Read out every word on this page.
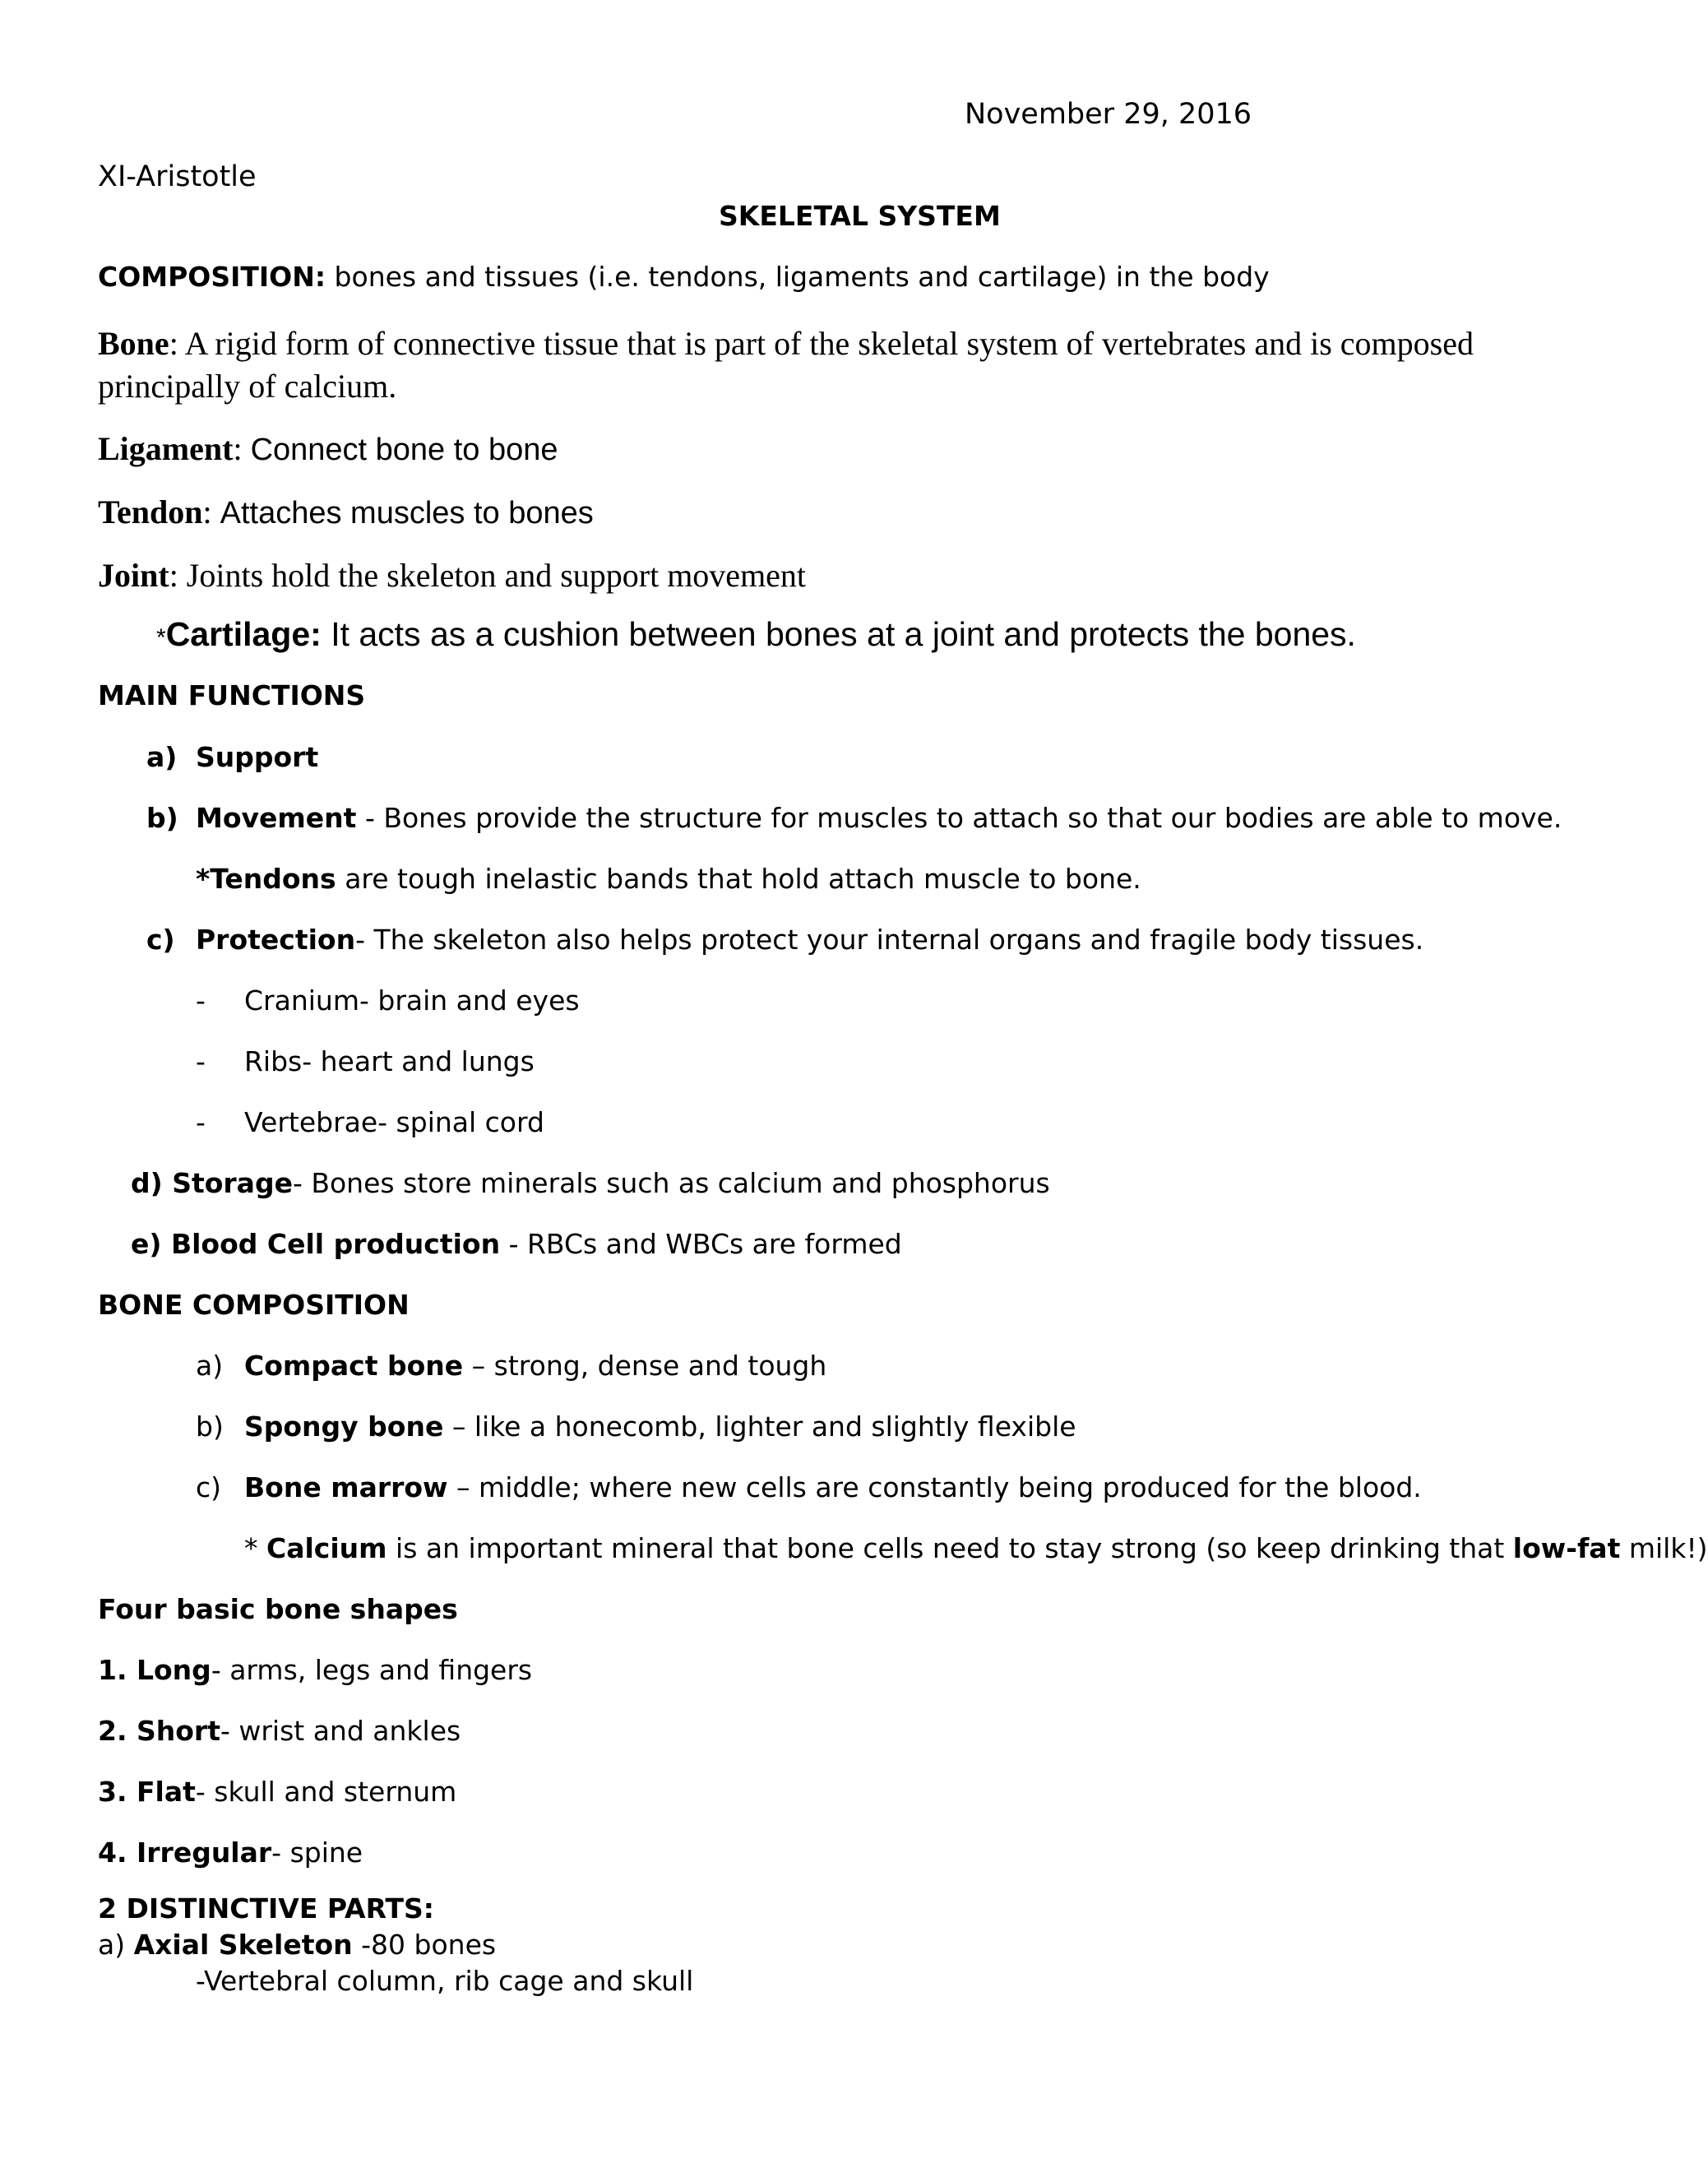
November 29, 2016

XI-Aristotle

SKELETAL SYSTEM

COMPOSITION: bones and tissues (i.e. tendons, ligaments and cartilage) in the body

Bone: A rigid form of connective tissue that is part of the skeletal system of vertebrates and is composed

principally of calcium.

Ligament: Connect bone to bone

Tendon: Attaches muscles to bones

Joint: Joints hold the skeleton and support movement

*Cartilage: It acts as a cushion between bones at a joint and protects the bones.

MAIN FUNCTIONS

a) Support

b) Movement - Bones provide the structure for muscles to attach so that our bodies are able to move.

*Tendons are tough inelastic bands that hold attach muscle to bone.

c) Protection- The skeleton also helps protect your internal organs and fragile body tissues.

- Cranium- brain and eyes

- Ribs- heart and lungs

- Vertebrae- spinal cord

d) Storage- Bones store minerals such as calcium and phosphorus

e) Blood Cell production - RBCs and WBCs are formed

BONE COMPOSITION

a) Compact bone – strong, dense and tough

b) Spongy bone – like a honecomb, lighter and slightly flexible

c) Bone marrow – middle; where new cells are constantly being produced for the blood.

* Calcium is an important mineral that bone cells need to stay strong (so keep drinking that low-fat milk!)

Four basic bone shapes

1. Long- arms, legs and fingers

2. Short- wrist and ankles

3. Flat- skull and sternum

4. Irregular- spine

2 DISTINCTIVE PARTS:

a) Axial Skeleton -80 bones

-Vertebral column, rib cage and skull
